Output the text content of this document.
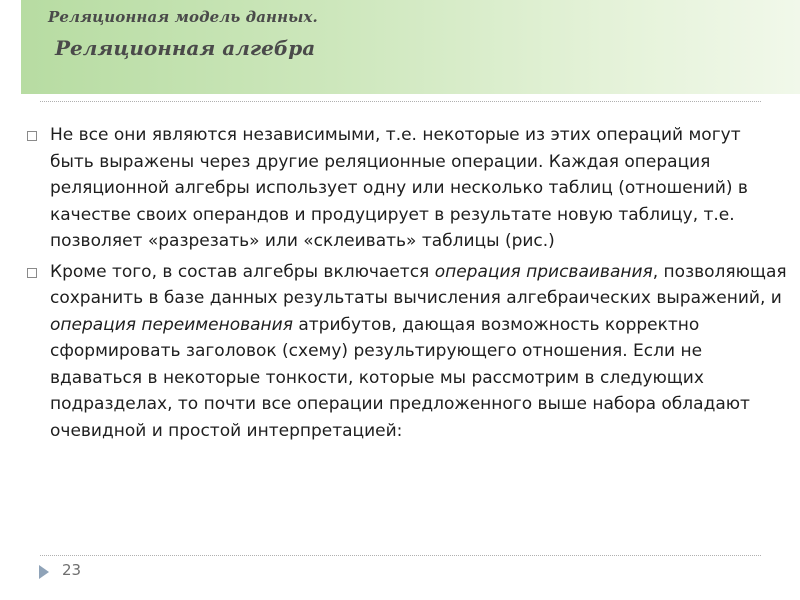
Реляционная модель данных.
Реляционная алгебра
Не все они являются независимыми, т.е. некоторые из этих операций могут быть выражены через другие реляционные операции. Каждая операция реляционной алгебры использует одну или несколько таблиц (отношений) в качестве своих операндов и продуцирует в результате новую таблицу, т.е. позволяет «разрезать» или «склеивать» таблицы (рис.)
Кроме того, в состав алгебры включается операция присваивания, позволяющая сохранить в базе данных результаты вычисления алгебраических выражений, и операция переименования атрибутов, дающая возможность корректно сформировать заголовок (схему) результирующего отношения. Если не вдаваться в некоторые тонкости, которые мы рассмотрим в следующих подразделах, то почти все операции предложенного выше набора обладают очевидной и простой интерпретацией:
23
